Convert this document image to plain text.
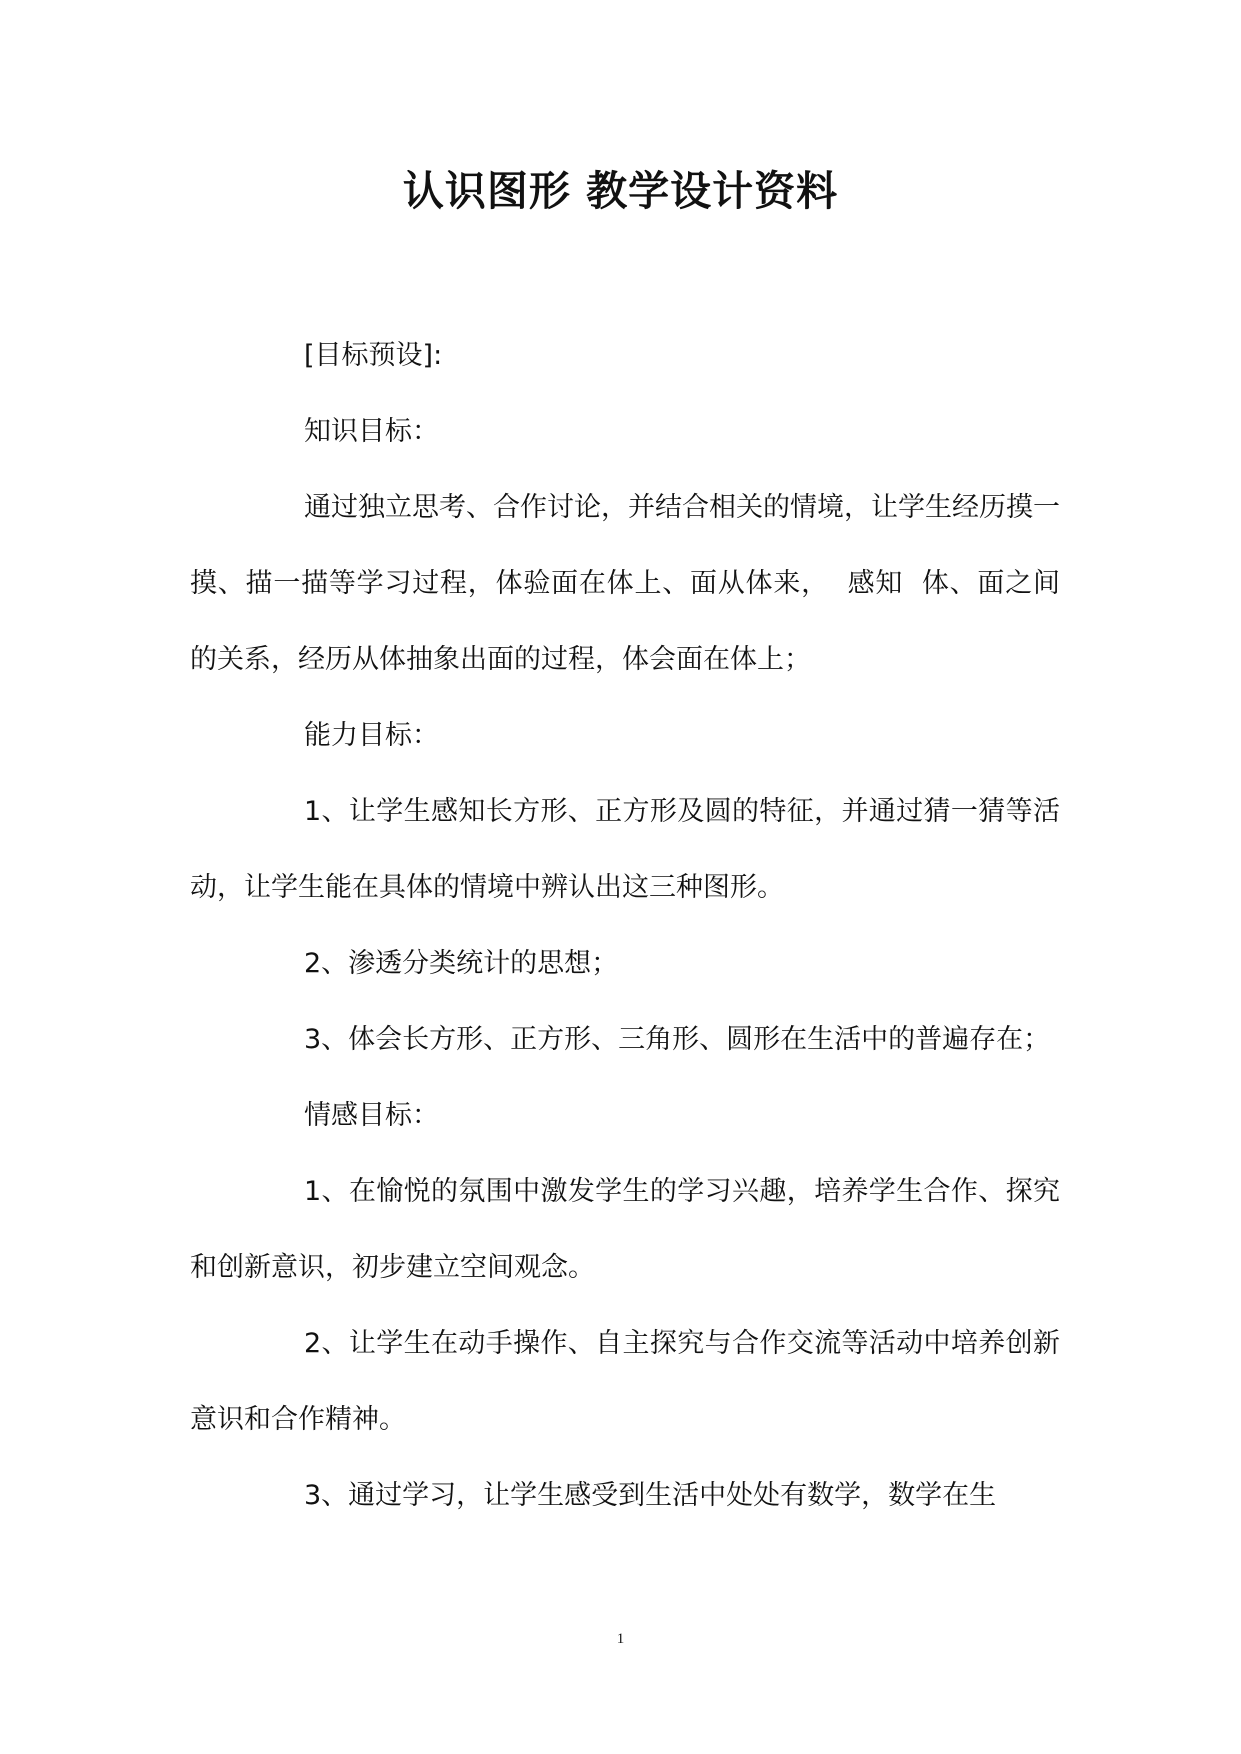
认识图形 教学设计资料

[目标预设]:

知识目标：

通过独立思考、合作讨论，并结合相关的情境，让学生经历摸一摸、描一描等学习过程，体验面在体上、面从体来，  感知  体、面之间的关系，经历从体抽象出面的过程，体会面在体上；

能力目标：

1、让学生感知长方形、正方形及圆的特征，并通过猜一猜等活动，让学生能在具体的情境中辨认出这三种图形。

2、渗透分类统计的思想；

3、体会长方形、正方形、三角形、圆形在生活中的普遍存在；

情感目标：

1、在愉悦的氛围中激发学生的学习兴趣，培养学生合作、探究和创新意识，初步建立空间观念。

2、让学生在动手操作、自主探究与合作交流等活动中培养创新意识和合作精神。

3、通过学习，让学生感受到生活中处处有数学，数学在生

1
